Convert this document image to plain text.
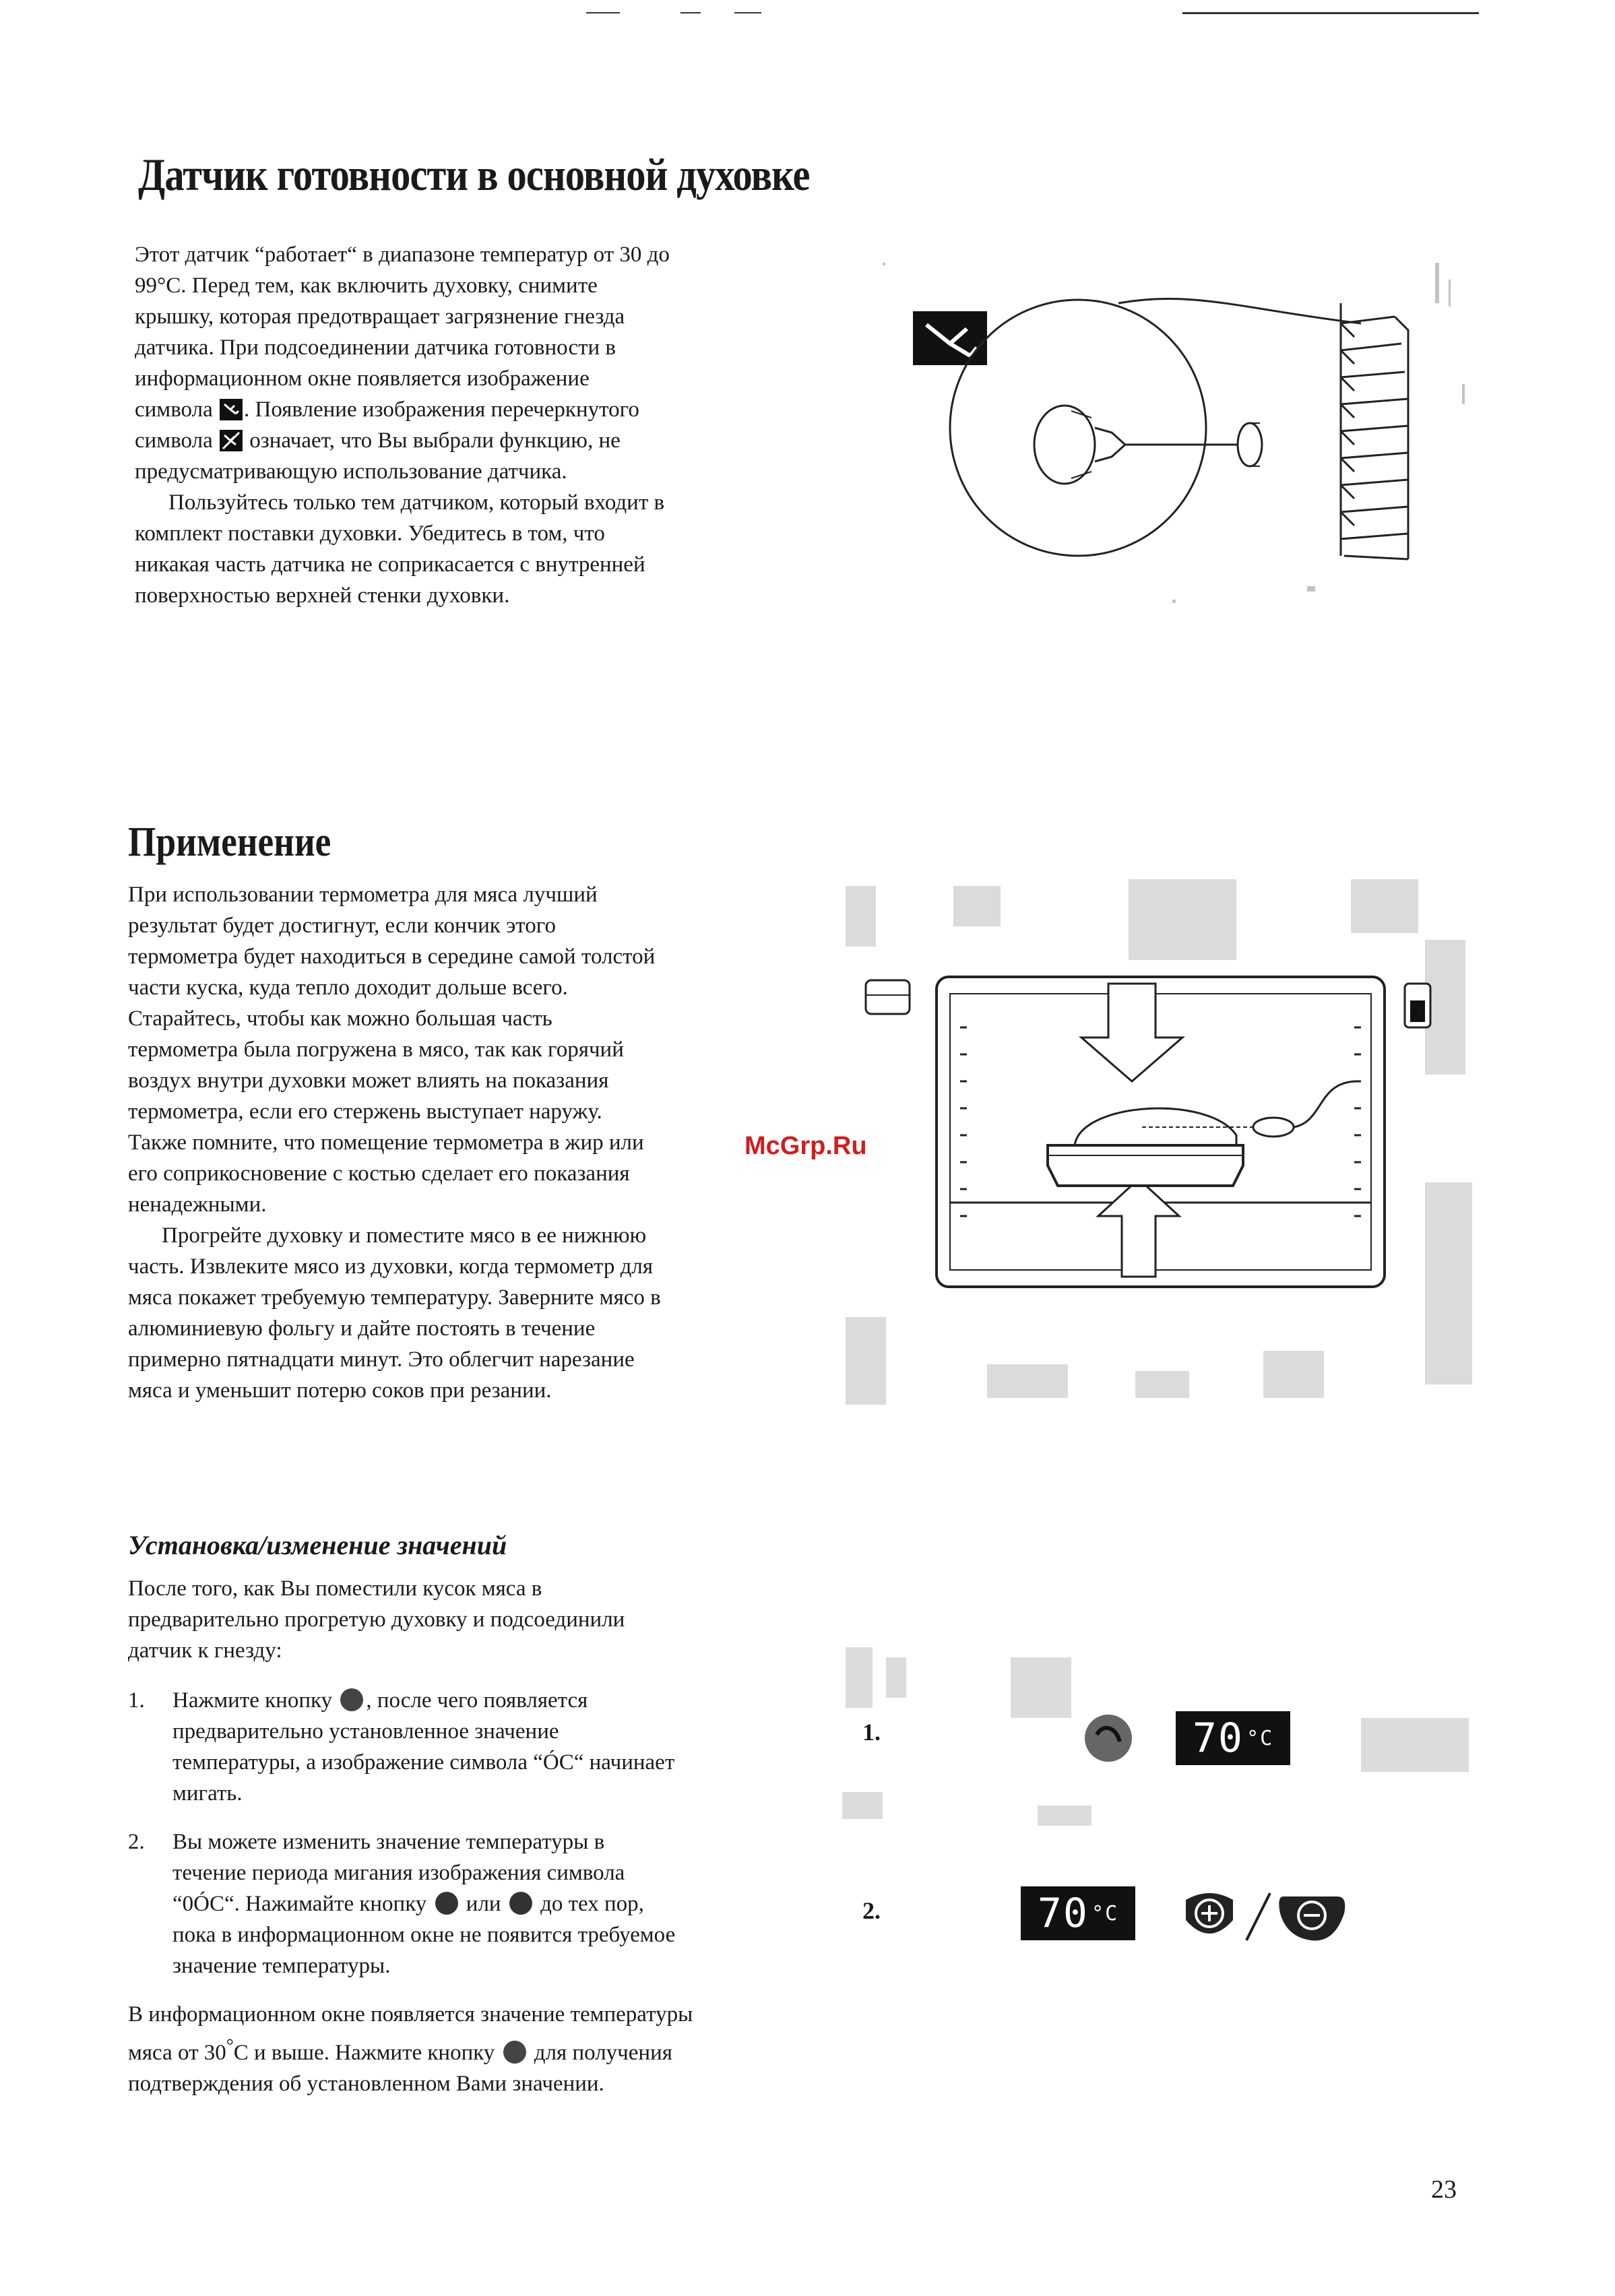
Датчик готовности в основной духовке

Этот датчик “работает“ в диапазоне температур от 30 до

99°С. Перед тем, как включить духовку, снимите

крышку, которая предотвращает загрязнение гнезда

датчика. При подсоединении датчика готовности в

информационном окне появляется изображение

символа . Появление изображения перечеркнутого

символа означает, что Вы выбрали функцию, не

предусматривающую использование датчика.

Пользуйтесь только тем датчиком, который входит в

комплект поставки духовки. Убедитесь в том, что

никакая часть датчика не соприкасается с внутренней

поверхностью верхней стенки духовки.

Применение

При использовании термометра для мяса лучший

результат будет достигнут, если кончик этого

термометра будет находиться в середине самой толстой

части куска, куда тепло доходит дольше всего.

Старайтесь, чтобы как можно большая часть

термометра была погружена в мясо, так как горячий

воздух внутри духовки может влиять на показания

термометра, если его стержень выступает наружу.

Также помните, что помещение термометра в жир или

его соприкосновение с костью сделает его показания

ненадежными.

Прогрейте духовку и поместите мясо в ее нижнюю

часть. Извлеките мясо из духовки, когда термометр для

мяса покажет требуемую температуру. Заверните мясо в

алюминиевую фольгу и дайте постоять в течение

примерно пятнадцати минут. Это облегчит нарезание

мяса и уменьшит потерю соков при резании.

McGrp.Ru
Установка/изменение значений

После того, как Вы поместили кусок мяса в

предварительно прогретую духовку и подсоединили

датчик к гнезду:

1. Нажмите кнопку , после чего появляется
предварительно установленное значение
температуры, а изображение символа “ÓС“ начинает
мигать.
2. Вы можете изменить значение температуры в
течение периода мигания изображения символа
“0ÓС“. Нажимайте кнопку или до тех пор,
пока в информационном окне не появится требуемое
значение температуры.

В информационном окне появляется значение температуры

мяса от 30°С и выше. Нажмите кнопку для получения

подтверждения об установленном Вами значении.

1.	70 °C
2.	70 °C
23
